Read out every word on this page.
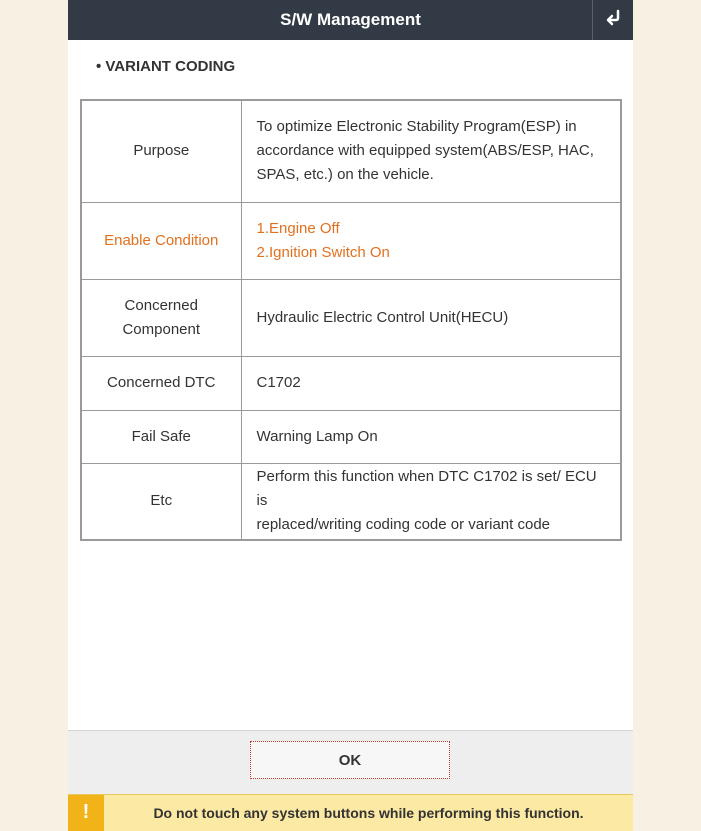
S/W Management
• VARIANT CODING
Purpose	To optimize Electronic Stability Program(ESP) in
accordance with equipped system(ABS/ESP, HAC,
SPAS, etc.) on the vehicle.

Enable Condition	1.Engine Off
2.Ignition Switch On

Concerned
Component	Hydraulic Electric Control Unit(HECU)

Concerned DTC	C1702

Fail Safe	Warning Lamp On

Etc	Perform this function when DTC C1702 is set/ ECU is
replaced/writing coding code or variant code
OK
!	Do not touch any system buttons while performing this function.
